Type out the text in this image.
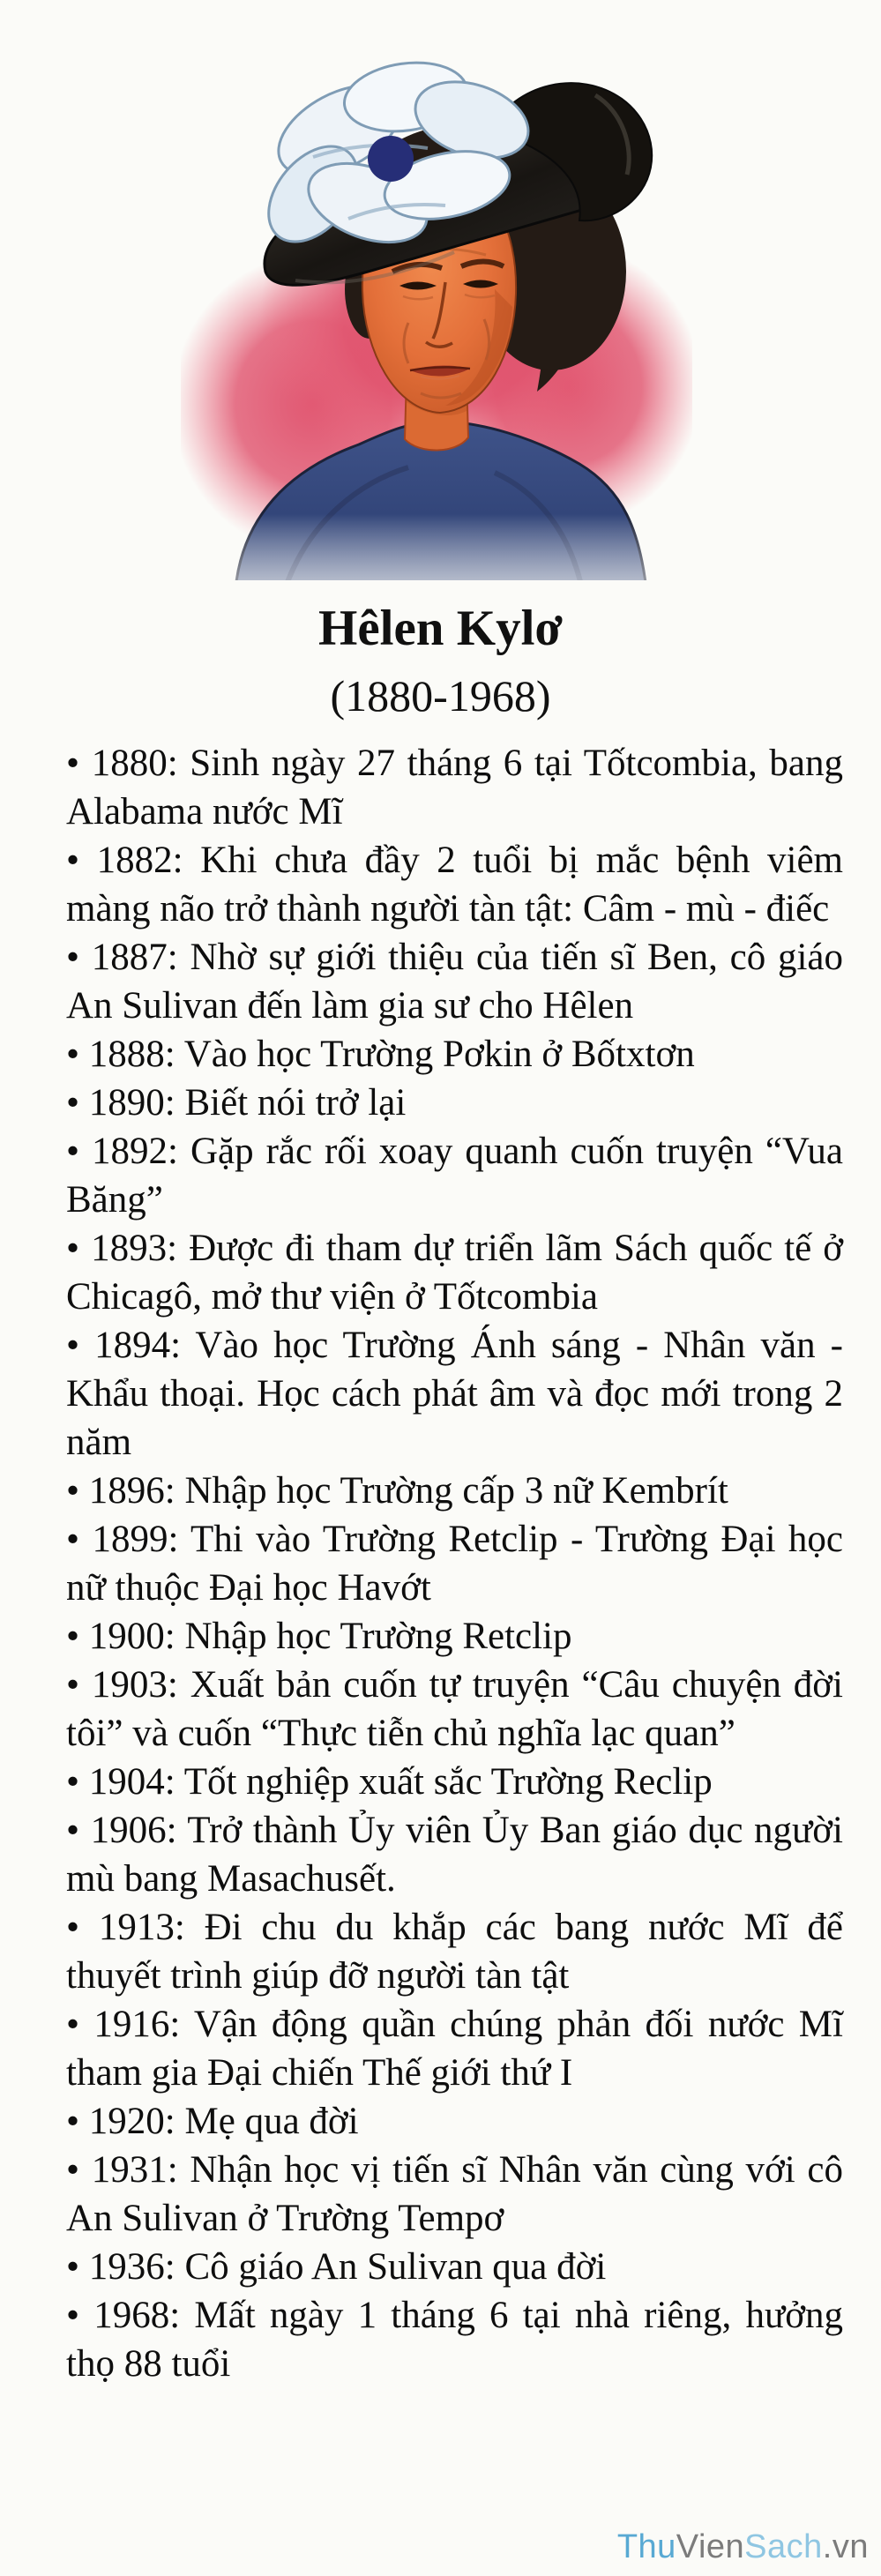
Hêlen Kylơ
(1880-1968)

• 1880: Sinh ngày 27 tháng 6 tại Tốtcombia, bang Alabama nước Mĩ

• 1882: Khi chưa đầy 2 tuổi bị mắc bệnh viêm màng não trở thành người tàn tật: Câm - mù - điếc

• 1887: Nhờ sự giới thiệu của tiến sĩ Ben, cô giáo An Sulivan đến làm gia sư cho Hêlen

• 1888: Vào học Trường Pơkin ở Bốtxtơn

• 1890: Biết nói trở lại

• 1892: Gặp rắc rối xoay quanh cuốn truyện “Vua Băng”

• 1893: Được đi tham dự triển lãm Sách quốc tế ở Chicagô, mở thư viện ở Tốtcombia

• 1894: Vào học Trường Ánh sáng - Nhân văn - Khẩu thoại. Học cách phát âm và đọc mới trong 2 năm

• 1896: Nhập học Trường cấp 3 nữ Kembrít

• 1899: Thi vào Trường Retclip - Trường Đại học nữ thuộc Đại học Havớt

• 1900: Nhập học Trường Retclip

• 1903: Xuất bản cuốn tự truyện “Câu chuyện đời tôi” và cuốn “Thực tiễn chủ nghĩa lạc quan”

• 1904: Tốt nghiệp xuất sắc Trường Reclip

• 1906: Trở thành Ủy viên Ủy Ban giáo dục người mù bang Masachusết.

• 1913: Đi chu du khắp các bang nước Mĩ để thuyết trình giúp đỡ người tàn tật

• 1916: Vận động quần chúng phản đối nước Mĩ tham gia Đại chiến Thế giới thứ I

• 1920: Mẹ qua đời

• 1931: Nhận học vị tiến sĩ Nhân văn cùng với cô An Sulivan ở Trường Tempơ

• 1936: Cô giáo An Sulivan qua đời

• 1968: Mất ngày 1 tháng 6 tại nhà riêng, hưởng thọ 88 tuổi

ThuVienSach.vn
